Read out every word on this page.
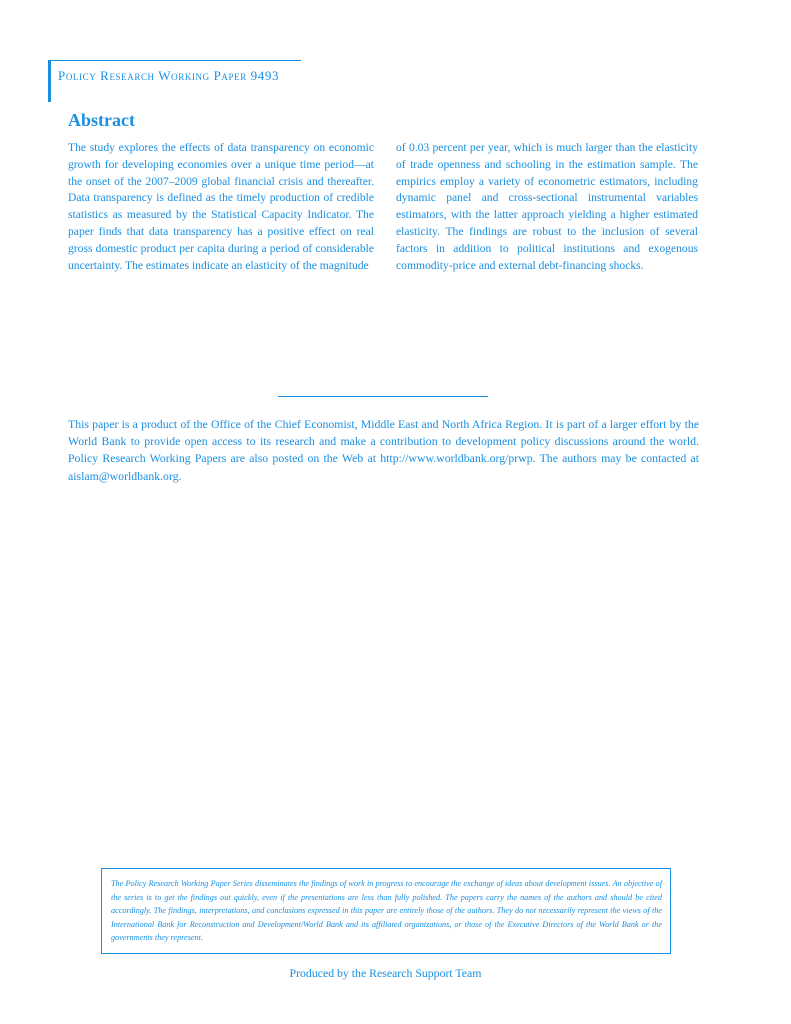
Policy Research Working Paper 9493
Abstract

The study explores the effects of data transparency on economic growth for developing economies over a unique time period—at the onset of the 2007–2009 global financial crisis and thereafter. Data transparency is defined as the timely production of credible statistics as measured by the Statistical Capacity Indicator. The paper finds that data transparency has a positive effect on real gross domestic product per capita during a period of considerable uncertainty. The estimates indicate an elasticity of the magnitude

of 0.03 percent per year, which is much larger than the elasticity of trade openness and schooling in the estimation sample. The empirics employ a variety of econometric estimators, including dynamic panel and cross-sectional instrumental variables estimators, with the latter approach yielding a higher estimated elasticity. The findings are robust to the inclusion of several factors in addition to political institutions and exogenous commodity-price and external debt-financing shocks.

This paper is a product of the Office of the Chief Economist, Middle East and North Africa Region. It is part of a larger effort by the World Bank to provide open access to its research and make a contribution to development policy discussions around the world. Policy Research Working Papers are also posted on the Web at http://www.worldbank.org/prwp. The authors may be contacted at aislam@worldbank.org.

The Policy Research Working Paper Series disseminates the findings of work in progress to encourage the exchange of ideas about development issues. An objective of the series is to get the findings out quickly, even if the presentations are less than fully polished. The papers carry the names of the authors and should be cited accordingly. The findings, interpretations, and conclusions expressed in this paper are entirely those of the authors. They do not necessarily represent the views of the International Bank for Reconstruction and Development/World Bank and its affiliated organizations, or those of the Executive Directors of the World Bank or the governments they represent.

Produced by the Research Support Team
